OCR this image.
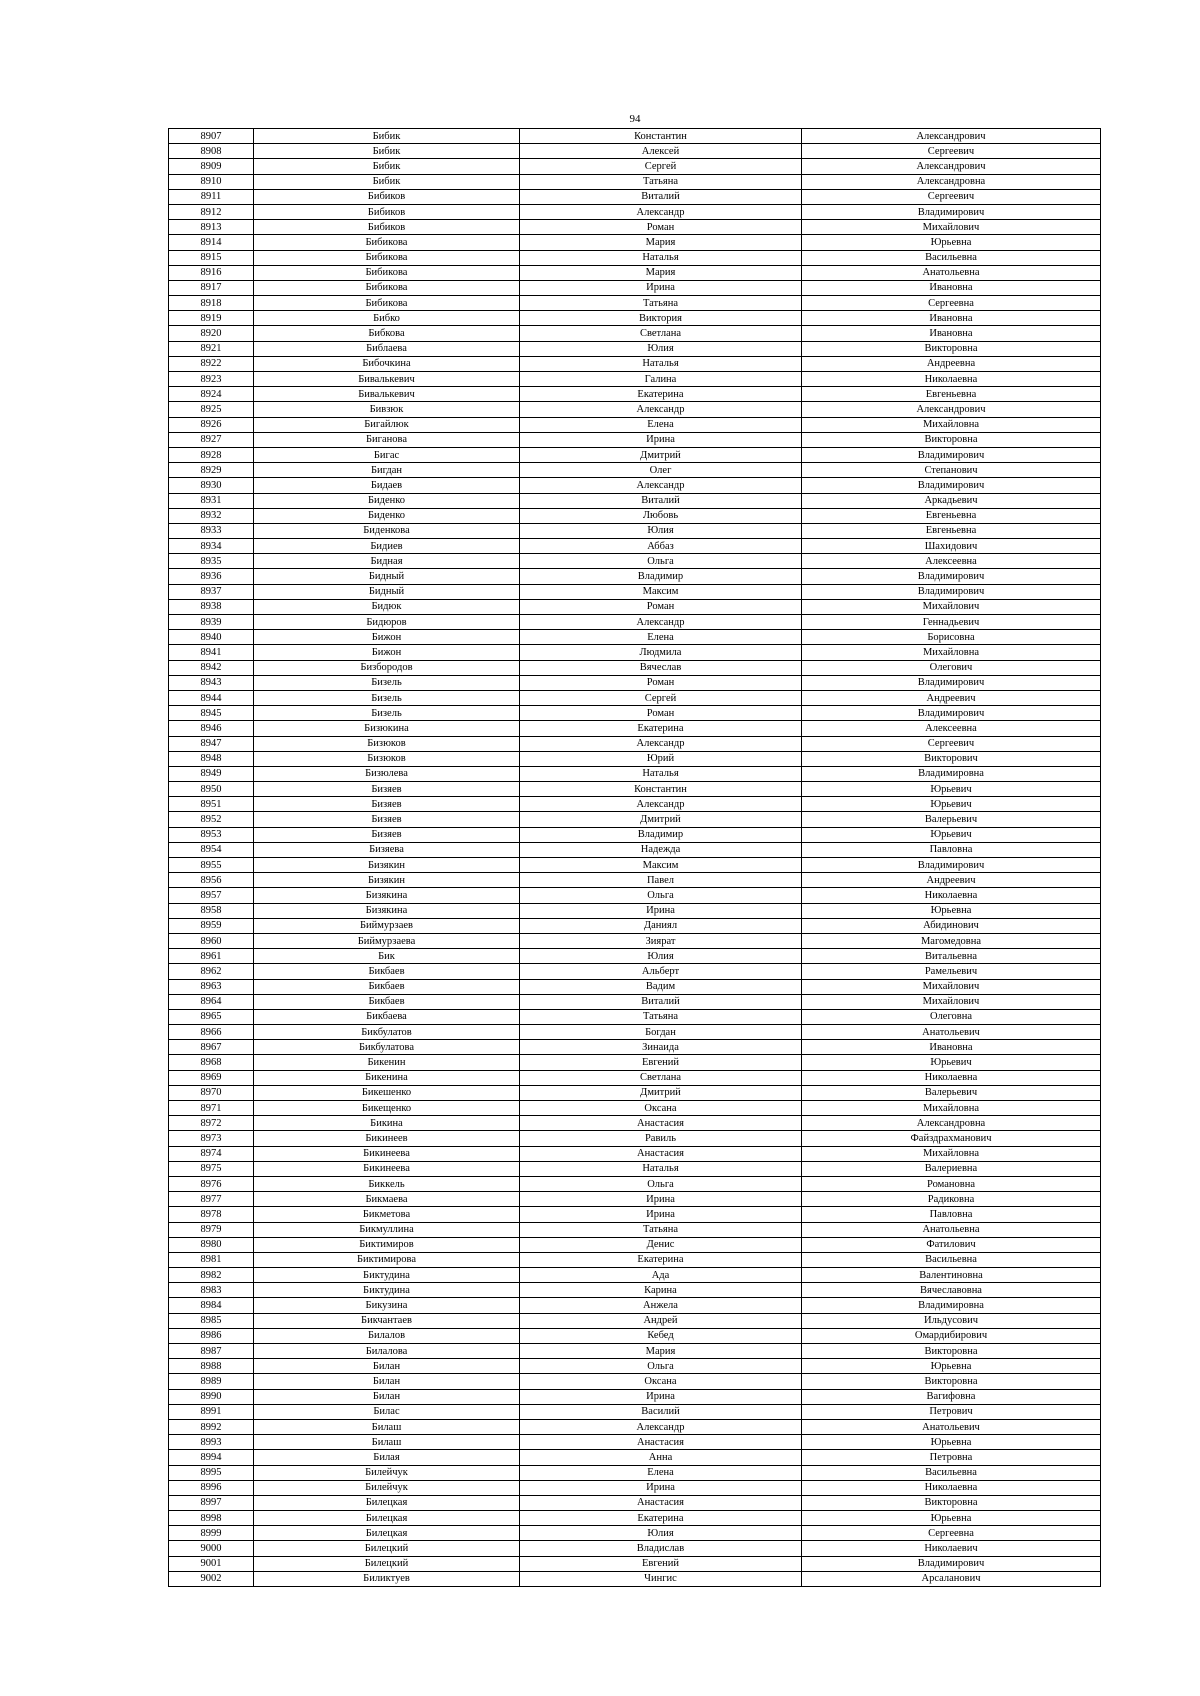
94
8907	Бибик	Константин	Александрович
8908	Бибик	Алексей	Сергеевич
8909	Бибик	Сергей	Александрович
8910	Бибик	Татьяна	Александровна
8911	Бибиков	Виталий	Сергеевич
8912	Бибиков	Александр	Владимирович
8913	Бибиков	Роман	Михайлович
8914	Бибикова	Мария	Юрьевна
8915	Бибикова	Наталья	Васильевна
8916	Бибикова	Мария	Анатольевна
8917	Бибикова	Ирина	Ивановна
8918	Бибикова	Татьяна	Сергеевна
8919	Бибко	Виктория	Ивановна
8920	Бибкова	Светлана	Ивановна
8921	Библаева	Юлия	Викторовна
8922	Бибочкина	Наталья	Андреевна
8923	Бивалькевич	Галина	Николаевна
8924	Бивалькевич	Екатерина	Евгеньевна
8925	Бивзюк	Александр	Александрович
8926	Бигайлюк	Елена	Михайловна
8927	Биганова	Ирина	Викторовна
8928	Бигас	Дмитрий	Владимирович
8929	Бигдан	Олег	Степанович
8930	Бидаев	Александр	Владимирович
8931	Биденко	Виталий	Аркадьевич
8932	Биденко	Любовь	Евгеньевна
8933	Биденкова	Юлия	Евгеньевна
8934	Бидиев	Аббаз	Шахидович
8935	Бидная	Ольга	Алексеевна
8936	Бидный	Владимир	Владимирович
8937	Бидный	Максим	Владимирович
8938	Бидюк	Роман	Михайлович
8939	Бидюров	Александр	Геннадьевич
8940	Бижон	Елена	Борисовна
8941	Бижон	Людмила	Михайловна
8942	Бизбородов	Вячеслав	Олегович
8943	Бизель	Роман	Владимирович
8944	Бизель	Сергей	Андреевич
8945	Бизель	Роман	Владимирович
8946	Бизюкина	Екатерина	Алексеевна
8947	Бизюков	Александр	Сергеевич
8948	Бизюков	Юрий	Викторович
8949	Бизюлева	Наталья	Владимировна
8950	Бизяев	Константин	Юрьевич
8951	Бизяев	Александр	Юрьевич
8952	Бизяев	Дмитрий	Валерьевич
8953	Бизяев	Владимир	Юрьевич
8954	Бизяева	Надежда	Павловна
8955	Бизякин	Максим	Владимирович
8956	Бизякин	Павел	Андреевич
8957	Бизякина	Ольга	Николаевна
8958	Бизякина	Ирина	Юрьевна
8959	Биймурзаев	Даниял	Абидинович
8960	Биймурзаева	Зиярат	Магомедовна
8961	Бик	Юлия	Витальевна
8962	Бикбаев	Альберт	Рамельевич
8963	Бикбаев	Вадим	Михайлович
8964	Бикбаев	Виталий	Михайлович
8965	Бикбаева	Татьяна	Олеговна
8966	Бикбулатов	Богдан	Анатольевич
8967	Бикбулатова	Зинаида	Ивановна
8968	Бикенин	Евгений	Юрьевич
8969	Бикенина	Светлана	Николаевна
8970	Бикешенко	Дмитрий	Валерьевич
8971	Бикещенко	Оксана	Михайловна
8972	Бикина	Анастасия	Александровна
8973	Бикинеев	Равиль	Файздрахманович
8974	Бикинеева	Анастасия	Михайловна
8975	Бикинеева	Наталья	Валериевна
8976	Биккель	Ольга	Романовна
8977	Бикмаева	Ирина	Радиковна
8978	Бикметова	Ирина	Павловна
8979	Бикмуллина	Татьяна	Анатольевна
8980	Биктимиров	Денис	Фатилович
8981	Биктимирова	Екатерина	Васильевна
8982	Биктудина	Ада	Валентиновна
8983	Биктудина	Карина	Вячеславовна
8984	Бикузина	Анжела	Владимировна
8985	Бикчантаев	Андрей	Ильдусович
8986	Билалов	Кебед	Омардибирович
8987	Билалова	Мария	Викторовна
8988	Билан	Ольга	Юрьевна
8989	Билан	Оксана	Викторовна
8990	Билан	Ирина	Вагифовна
8991	Билас	Василий	Петрович
8992	Билаш	Александр	Анатольевич
8993	Билаш	Анастасия	Юрьевна
8994	Билая	Анна	Петровна
8995	Билейчук	Елена	Васильевна
8996	Билейчук	Ирина	Николаевна
8997	Билецкая	Анастасия	Викторовна
8998	Билецкая	Екатерина	Юрьевна
8999	Билецкая	Юлия	Сергеевна
9000	Билецкий	Владислав	Николаевич
9001	Билецкий	Евгений	Владимирович
9002	Биликтуев	Чингис	Арсаланович
